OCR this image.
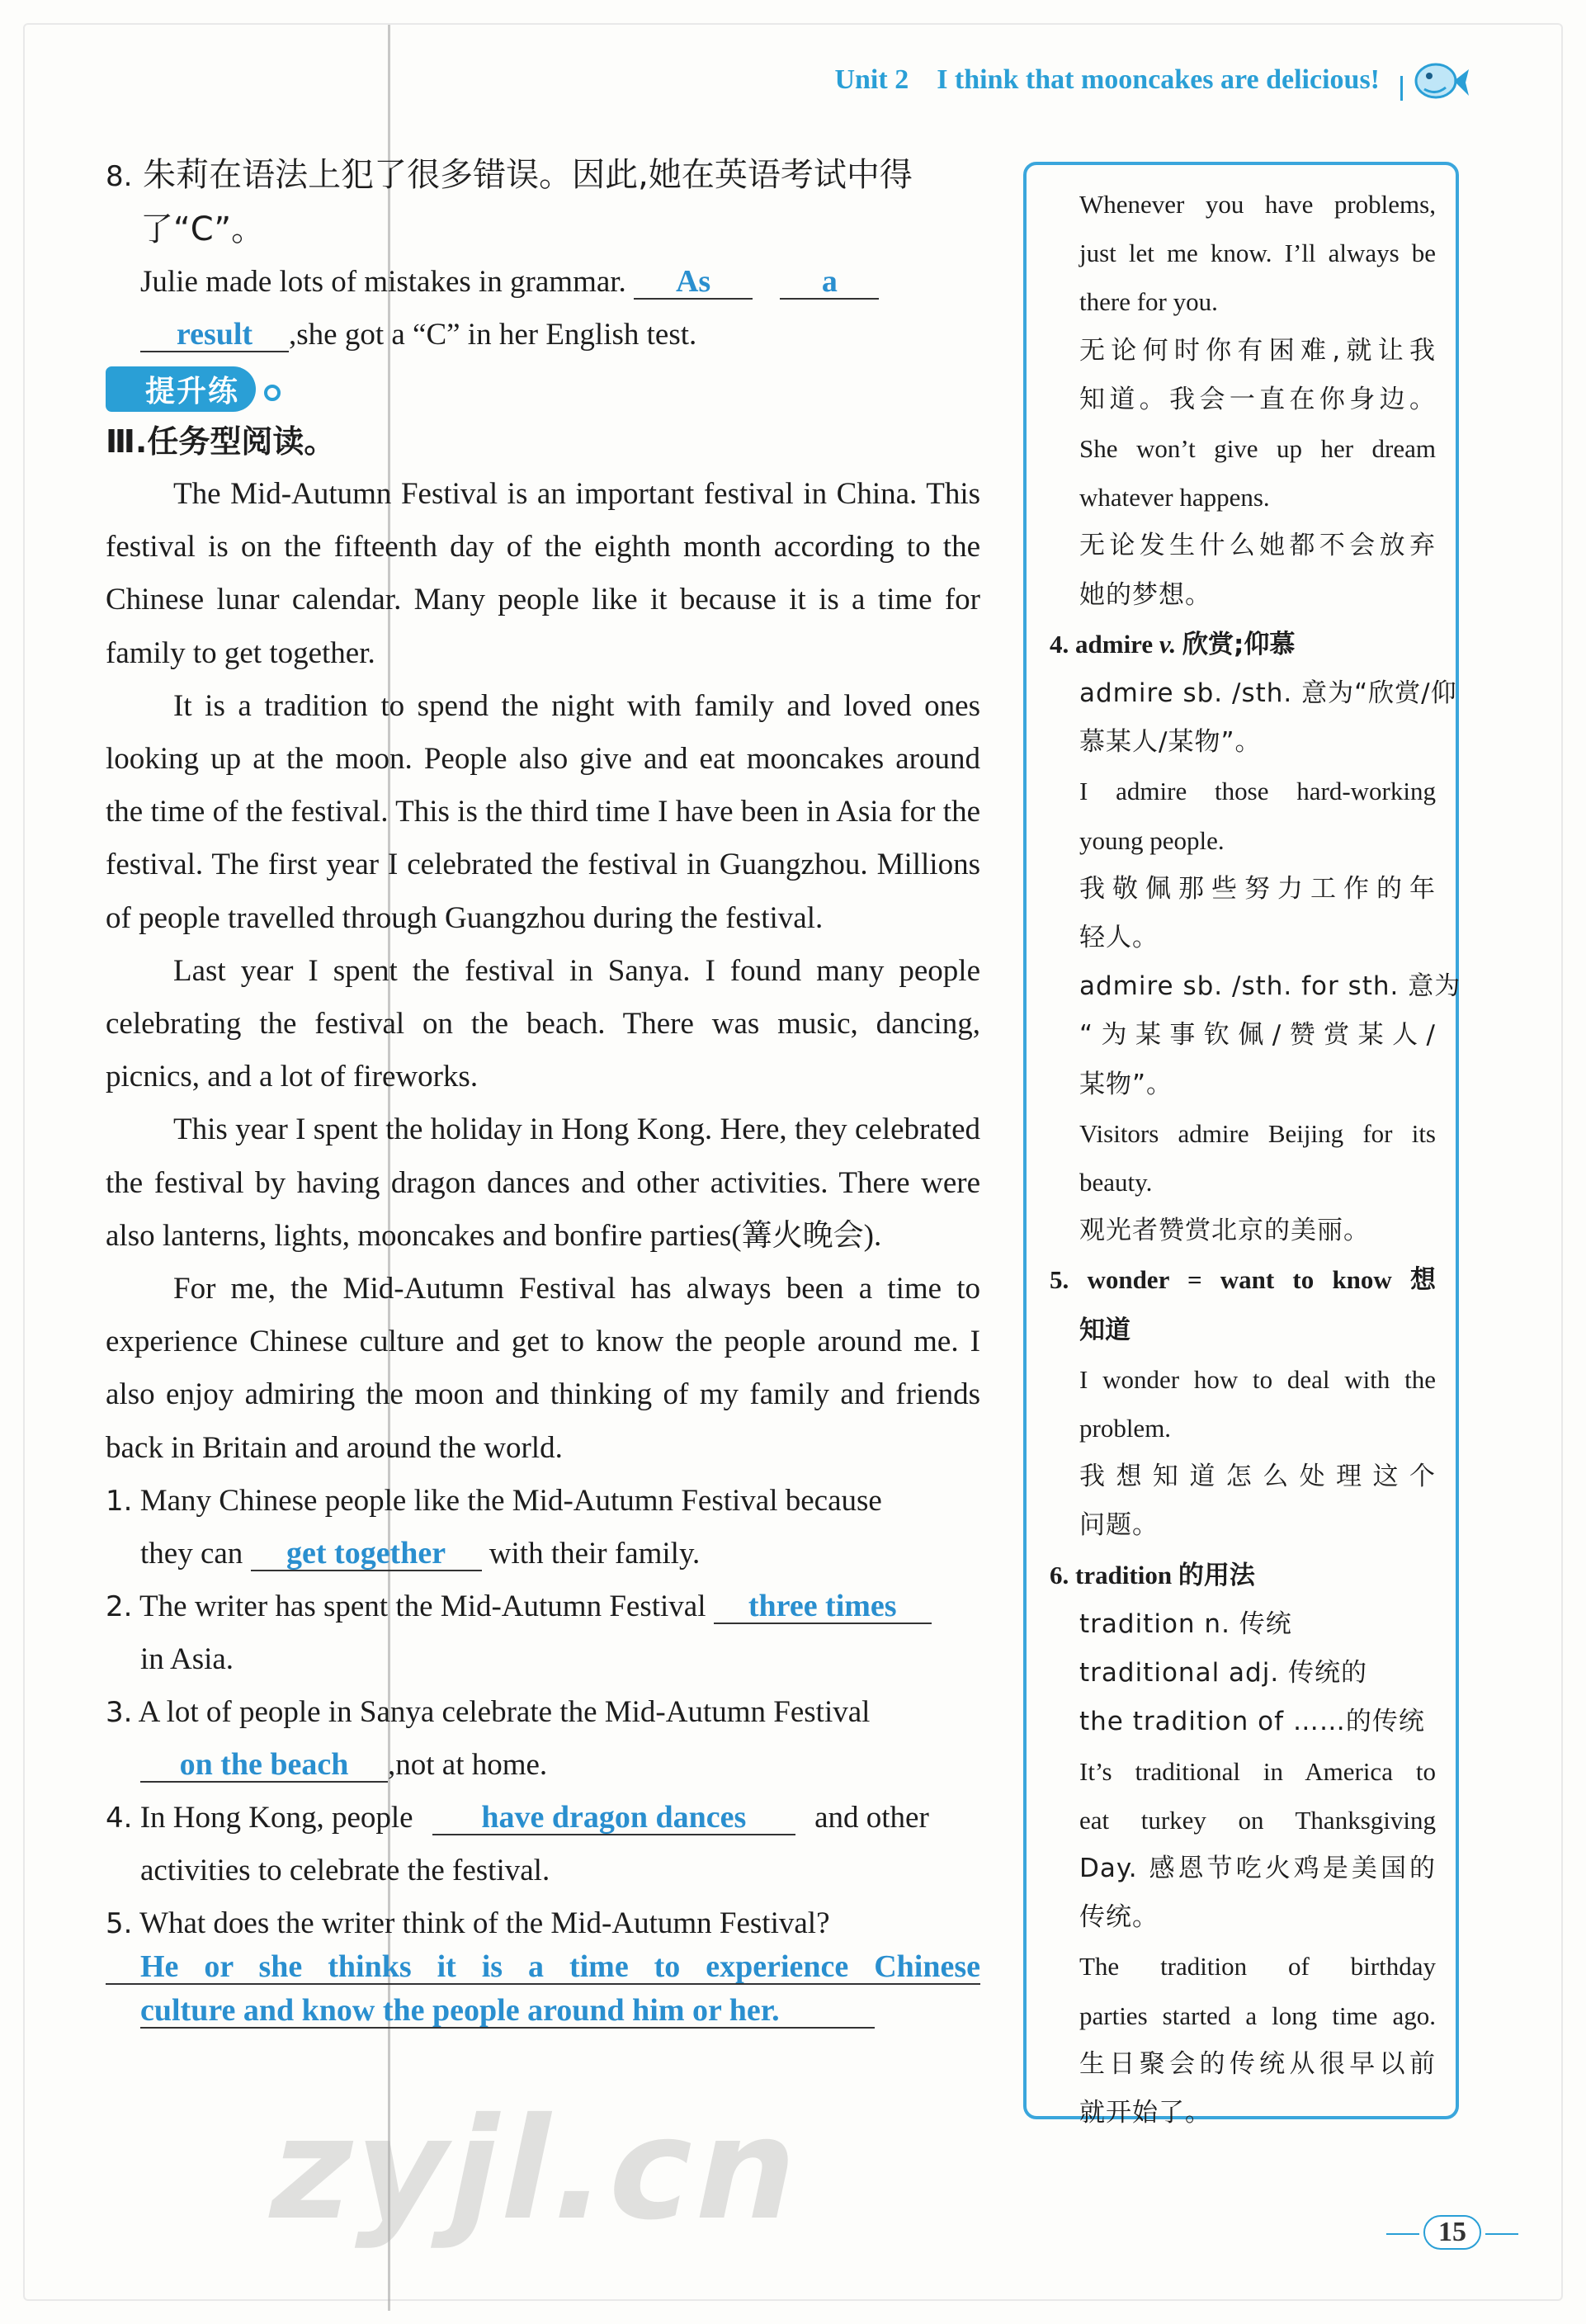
Unit 2 I think that mooncakes are delicious!
8. 朱莉在语法上犯了很多错误。因此,她在英语考试中得
了“C”。
Julie made lots of mistakes in grammar. As	a
result ,she got a “C” in her English test.
提升练
Ⅲ.任务型阅读。
The Mid-Autumn Festival is an important festival in China. This festival is on the fifteenth day of the eighth month according to the Chinese lunar calendar. Many people like it because it is a time for family to get together.
It is a tradition to spend the night with family and loved ones looking up at the moon. People also give and eat mooncakes around the time of the festival. This is the third time I have been in Asia for the festival. The first year I celebrated the festival in Guangzhou. Millions of people travelled through Guangzhou during the festival.
Last year I spent the festival in Sanya. I found many people celebrating the festival on the beach. There was music, dancing, picnics, and a lot of fireworks.
This year I spent the holiday in Hong Kong. Here, they celebrated the festival by having dragon dances and other activities. There were also lanterns, lights, mooncakes and bonfire parties(篝火晚会).
For me, the Mid-Autumn Festival has always been a time to experience Chinese culture and get to know the people around me. I also enjoy admiring the moon and thinking of my family and friends back in Britain and around the world.
1. Many Chinese people like the Mid-Autumn Festival because
they can get together with their family.
2. The writer has spent the Mid-Autumn Festival three times
in Asia.
3. A lot of people in Sanya celebrate the Mid-Autumn Festival
on the beach ,not at home.
4. In Hong Kong, people have dragon dances and other
activities to celebrate the festival.
5. What does the writer think of the Mid-Autumn Festival?
He or she thinks it is a time to experience Chinese
culture and know the people around him or her.
Whenever you have problems,
just let me know. I’ll always be
there for you.
无论何时你有困难,就让我
知道。我会一直在你身边。
She won’t give up her dream
whatever happens.
无论发生什么她都不会放弃
她的梦想。
4. admire v. 欣赏;仰慕
admire sb. /sth. 意为“欣赏/仰
慕某人/某物”。
I admire those hard-working
young people.
我敬佩那些努力工作的年
轻人。
admire sb. /sth. for sth. 意为
“为某事钦佩/赞赏某人/
某物”。
Visitors admire Beijing for its
beauty.
观光者赞赏北京的美丽。
5. wonder = want to know 想
知道
I wonder how to deal with the
problem.
我想知道怎么处理这个
问题。
6. tradition 的用法
tradition n. 传统
traditional adj. 传统的
the tradition of ……的传统
It’s traditional in America to
eat turkey on Thanksgiving
Day. 感恩节吃火鸡是美国的
传统。
The tradition of birthday
parties started a long time ago.
生日聚会的传统从很早以前
就开始了。
zyjl.cn	15
